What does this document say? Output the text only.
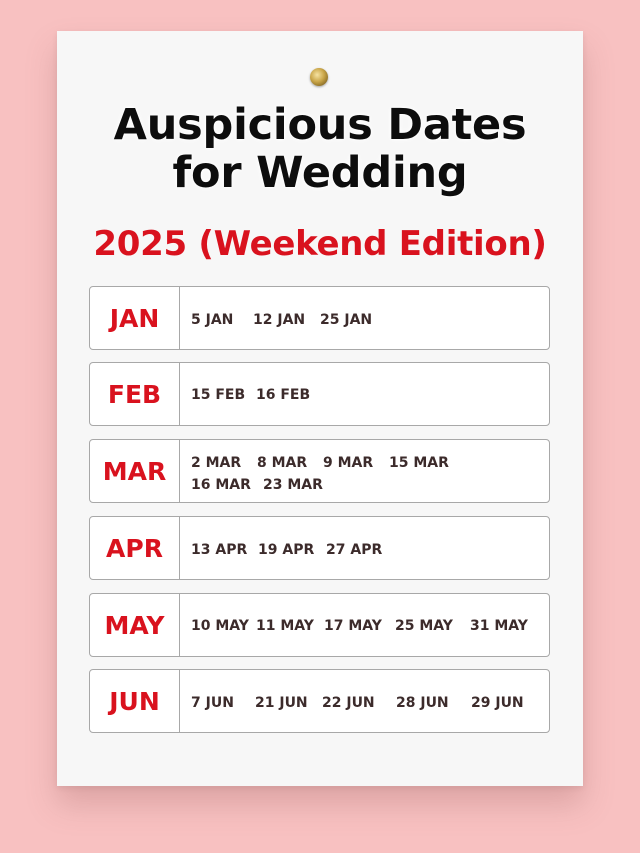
Auspicious Dates
for Wedding
2025 (Weekend Edition)
JAN	5 JAN 12 JAN 25 JAN
FEB	15 FEB 16 FEB
MAR	2 MAR 8 MAR 9 MAR 15 MAR
16 MAR 23 MAR
APR	13 APR 19 APR 27 APR
MAY	10 MAY 11 MAY 17 MAY 25 MAY 31 MAY
JUN	7 JUN 21 JUN 22 JUN 28 JUN 29 JUN
